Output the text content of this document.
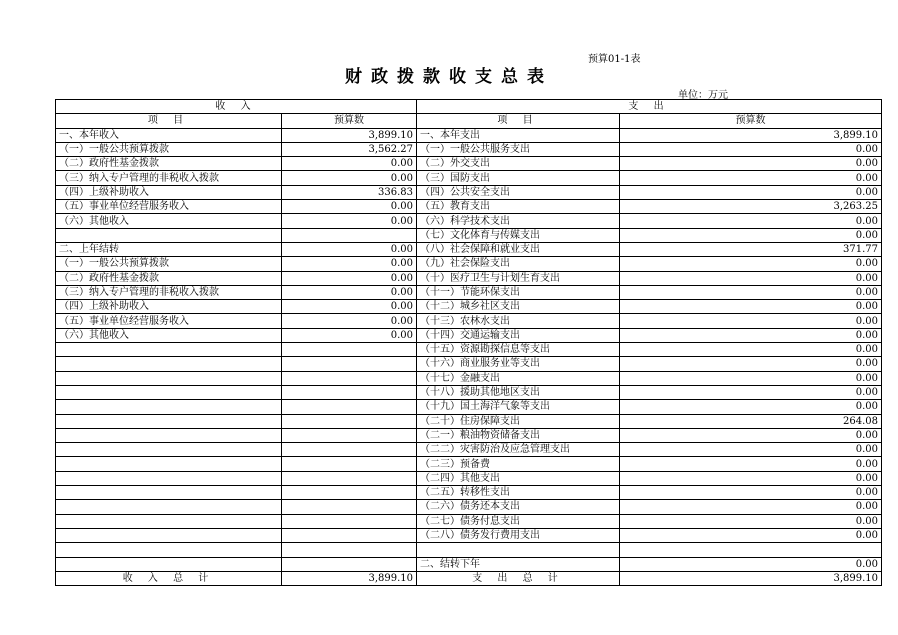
预算01-1表
财政拨款收支总表
单位：万元
收 入		支 出	
项 目	预算数	项 目	预算数
一、本年收入	3,899.10	一、本年支出	3,899.10
（一）一般公共预算拨款	3,562.27	（一）一般公共服务支出	0.00
（二）政府性基金拨款	0.00	（二）外交支出	0.00
（三）纳入专户管理的非税收入拨款	0.00	（三）国防支出	0.00
（四）上级补助收入	336.83	（四）公共安全支出	0.00
（五）事业单位经营服务收入	0.00	（五）教育支出	3,263.25
（六）其他收入	0.00	（六）科学技术支出	0.00
		（七）文化体育与传媒支出	0.00
二、上年结转	0.00	（八）社会保障和就业支出	371.77
（一）一般公共预算拨款	0.00	（九）社会保险支出	0.00
（二）政府性基金拨款	0.00	（十）医疗卫生与计划生育支出	0.00
（三）纳入专户管理的非税收入拨款	0.00	（十一）节能环保支出	0.00
（四）上级补助收入	0.00	（十二）城乡社区支出	0.00
（五）事业单位经营服务收入	0.00	（十三）农林水支出	0.00
（六）其他收入	0.00	（十四）交通运输支出	0.00
		（十五）资源勘探信息等支出	0.00
		（十六）商业服务业等支出	0.00
		（十七）金融支出	0.00
		（十八）援助其他地区支出	0.00
		（十九）国土海洋气象等支出	0.00
		（二十）住房保障支出	264.08
		（二一）粮油物资储备支出	0.00
		（二二）灾害防治及应急管理支出	0.00
		（二三）预备费	0.00
		（二四）其他支出	0.00
		（二五）转移性支出	0.00
		（二六）债务还本支出	0.00
		（二七）债务付息支出	0.00
		（二八）债务发行费用支出	0.00

		二、结转下年	0.00
收 入 总 计	3,899.10	支 出 总 计	3,899.10
